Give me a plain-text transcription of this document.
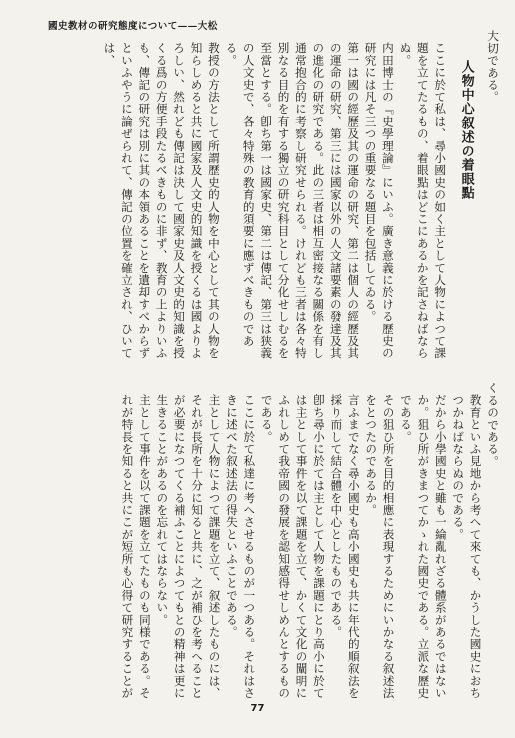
國史教材の研究態度について——大松

大切である。

人物中心叙述の着眼點

ここに於て私は、尋小國史の如く主として人物によつて課題を立てたるもの、着眼點はどこにあるかを記さねばならぬ。

内田博士の『史學理論』にいふ。廣き意義に於ける歷史の研究には凡そ三つの重要なる題目を包括してゐる。

第一は國の經歷及其の運命の研究、第二は個人の經歷及其の運命の研究、第三には國家以外の人文諸要素の發達及其の進化の研究である。此の三者は相互密接なる關係を有し通常抱合的に考察し研究せられる。けれども三者は各々特別なる目的を有する獨立の研究科目として分化せしむるを至當とする。卽ち第一は國家史、第二は傳記、第三は狭義の人文史で、各々特殊の教育的須要に應ずべきものである。

教授の方法として所謂歷史的人物を中心として其の人物を知らしめると共に國家及人文史的知識を授くるは國よりよろしい、然れども傳記は決して國家史及人文史的知識を授くる爲の方便手段たるべきものに非ず、教育の上よりいふも、傳記の研究は別に其の本領あることを遺却すべからずといふやうに論ぜられて、傳記の位置を確立され、ひいては、

くるのである。

教育といふ見地から考へて來ても、かうした國史におちつかねばならぬのである。

だから小學國史と雖も一綸亂れざる體系があるではないか。狙ひ所がきまつてかゝれた國史である。立派な歷史である。

その狙ひ所を目的相應に表現するためにいかなる叙述法をとつたのであるか。

言ふまでなく尋小國史も高小國史も共に年代的順叙法を採り而して結合體を中心としたものである。

卽ち尋小に於ては主として人物を課題にとり高小に於ては主として事件を以て課題を立て、かくて文化の闡明にふれしめて我帝國の發展を認知感得せしめんとするものである。

ここに於て私達に考へさせるものが一つある。それはさきに述べた叙述法の得失といふことである。

主として人物によつて課題を立て、叙述したものには、それが長所を十分に知ると共に、之が補ひを考へることが必要になつてくる補ふことによつてもとの精神は更に生きることがあるのを忘れてはならない。

主として事件を以て課題を立てたものも同様である。それが特長を知ると共にこが短所も心得て研究することが

77
